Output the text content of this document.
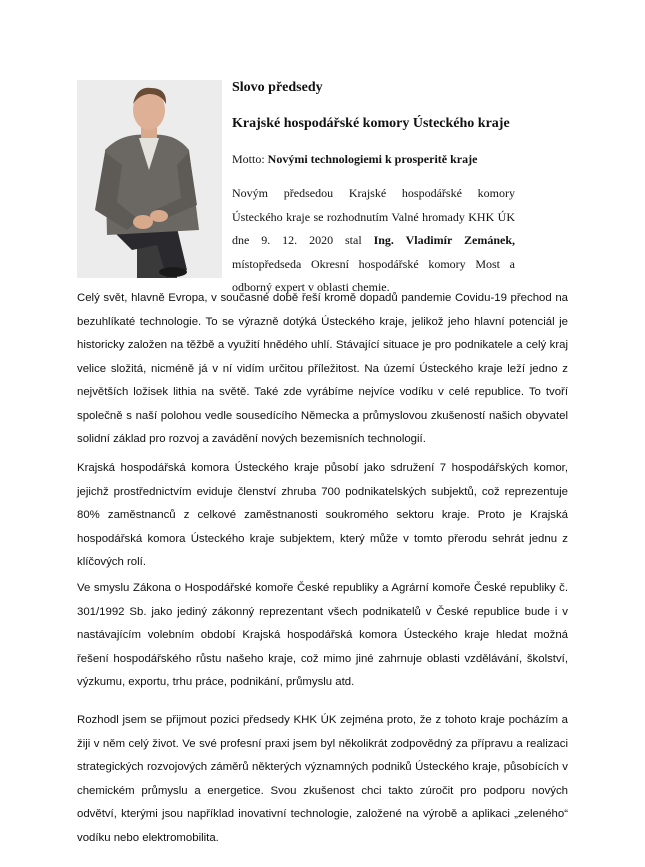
Slovo předsedy
Krajské hospodářské komory Ústeckého kraje
Motto: Novými technologiemi k prosperitě kraje
Novým předsedou Krajské hospodářské komory Ústeckého kraje se rozhodnutím Valné hromady KHK ÚK dne 9. 12. 2020 stal Ing. Vladimír Zemánek, místopředseda Okresní hospodářské komory Most a odborný expert v oblasti chemie.
Celý svět, hlavně Evropa, v současné době řeší kromě dopadů pandemie Covidu-19 přechod na bezuhlíkaté technologie. To se výrazně dotýká Ústeckého kraje, jelikož jeho hlavní potenciál je historicky založen na těžbě a využití hnědého uhlí. Stávající situace je pro podnikatele a celý kraj velice složitá, nicméně já v ní vidím určitou příležitost. Na území Ústeckého kraje leží jedno z největších ložisek lithia na světě. Také zde vyrábíme nejvíce vodíku v celé republice. To tvoří společně s naší polohou vedle sousedícího Německa a průmyslovou zkušeností našich obyvatel solidní základ pro rozvoj a zavádění nových bezemisních technologií.
Krajská hospodářská komora Ústeckého kraje působí jako sdružení 7 hospodářských komor, jejichž prostřednictvím eviduje členství zhruba 700 podnikatelských subjektů, což reprezentuje 80% zaměstnanců z celkové zaměstnanosti soukromého sektoru kraje. Proto je Krajská hospodářská komora Ústeckého kraje subjektem, který může v tomto přerodu sehrát jednu z klíčových rolí.
Ve smyslu Zákona o Hospodářské komoře České republiky a Agrární komoře České republiky č. 301/1992 Sb. jako jediný zákonný reprezentant všech podnikatelů v České republice bude i v nastávajícím volebním období Krajská hospodářská komora Ústeckého kraje hledat možná řešení hospodářského růstu našeho kraje, což mimo jiné zahrnuje oblasti vzdělávání, školství, výzkumu, exportu, trhu práce, podnikání, průmyslu atd.
Rozhodl jsem se přijmout pozici předsedy KHK ÚK zejména proto, že z tohoto kraje pocházím a žiji v něm celý život. Ve své profesní praxi jsem byl několikrát zodpovědný za přípravu a realizaci strategických rozvojových záměrů některých významných podniků Ústeckého kraje, působících v chemickém průmyslu a energetice. Svou zkušenost chci takto zúročit pro podporu nových odvětví, kterými jsou například inovativní technologie, založené na výrobě a aplikaci „zeleného“ vodíku nebo elektromobilita.
